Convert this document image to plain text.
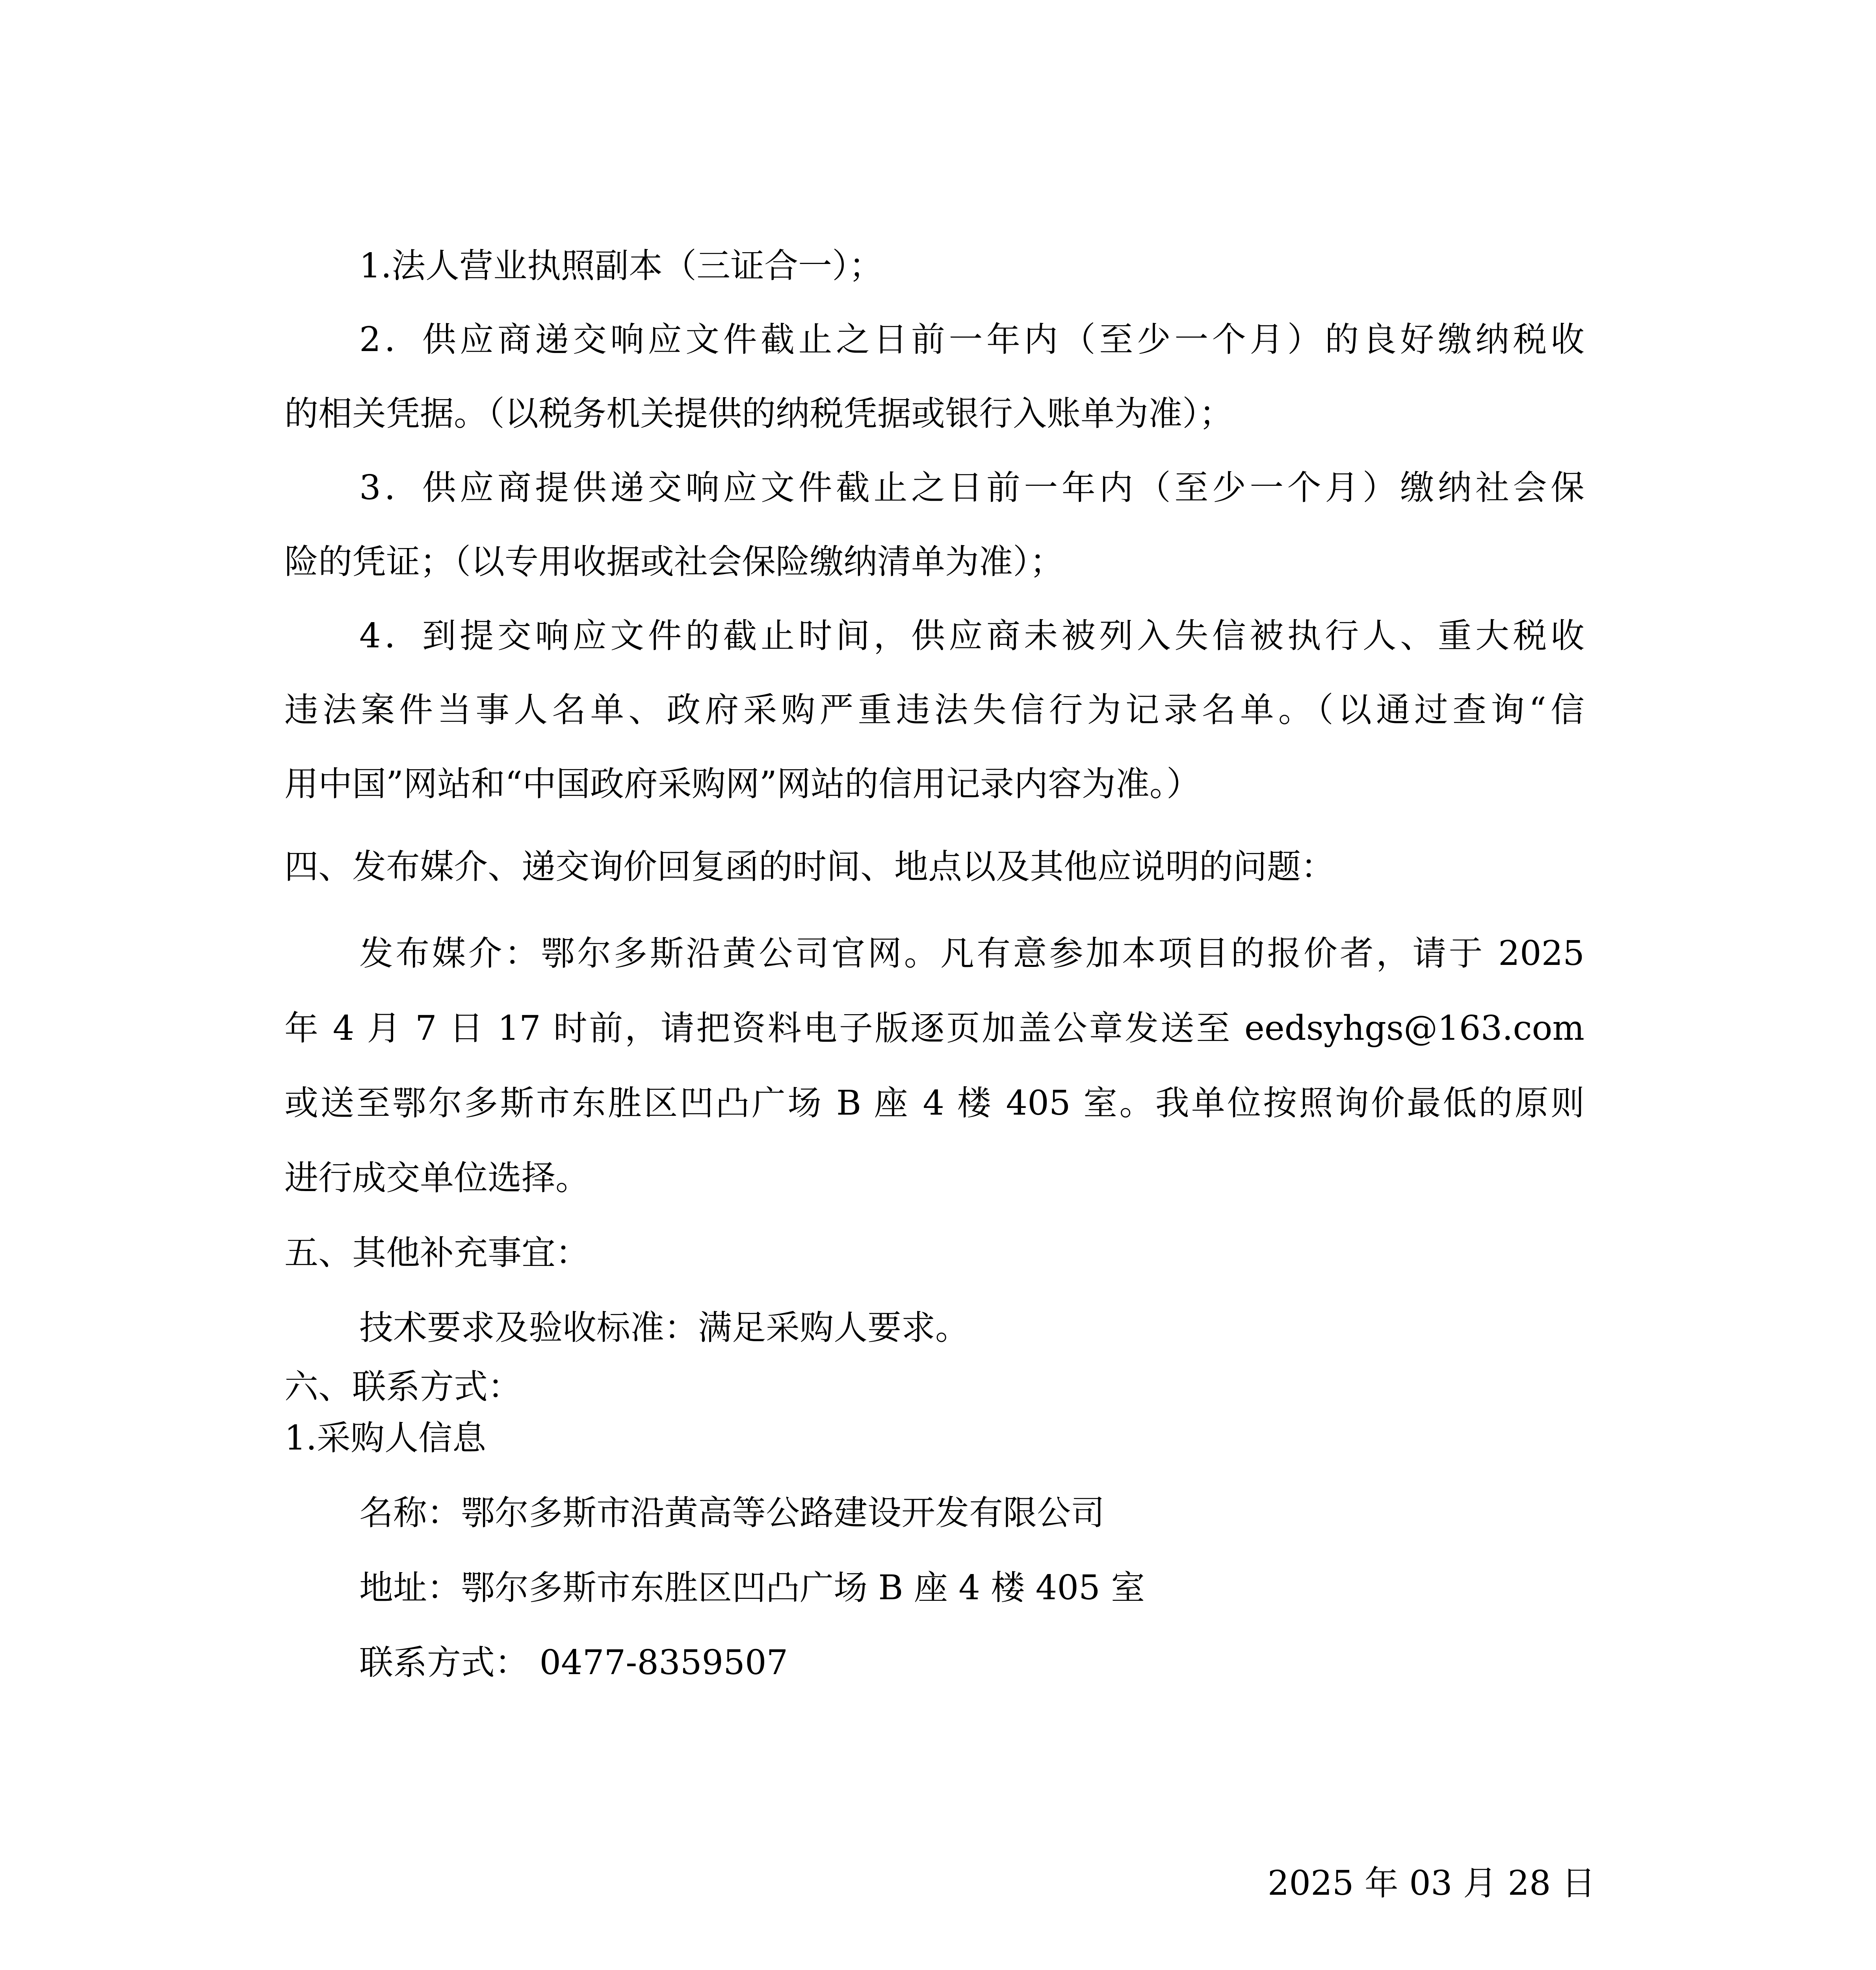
1.法人营业执照副本（三证合一）；
2．供应商递交响应文件截止之日前一年内（至少一个月）的良好缴纳税收
的相关凭据。（以税务机关提供的纳税凭据或银行入账单为准）；
3．供应商提供递交响应文件截止之日前一年内（至少一个月）缴纳社会保
险的凭证；（以专用收据或社会保险缴纳清单为准）；
4．到提交响应文件的截止时间，供应商未被列入失信被执行人、重大税收
违法案件当事人名单、政府采购严重违法失信行为记录名单。（以通过查询“信
用中国”网站和“中国政府采购网”网站的信用记录内容为准。）
四、发布媒介、递交询价回复函的时间、地点以及其他应说明的问题：
发布媒介：鄂尔多斯沿黄公司官网。凡有意参加本项目的报价者，请于 2025
年 4 月 7 日 17 时前，请把资料电子版逐页加盖公章发送至 eedsyhgs@163.com
或送至鄂尔多斯市东胜区凹凸广场 B 座 4 楼 405 室。我单位按照询价最低的原则
进行成交单位选择。
五、其他补充事宜：
技术要求及验收标准：满足采购人要求。
六、联系方式：
1.采购人信息
名称：鄂尔多斯市沿黄高等公路建设开发有限公司
地址：鄂尔多斯市东胜区凹凸广场 B 座 4 楼 405 室
联系方式： 0477-8359507
2025 年 03 月 28 日
